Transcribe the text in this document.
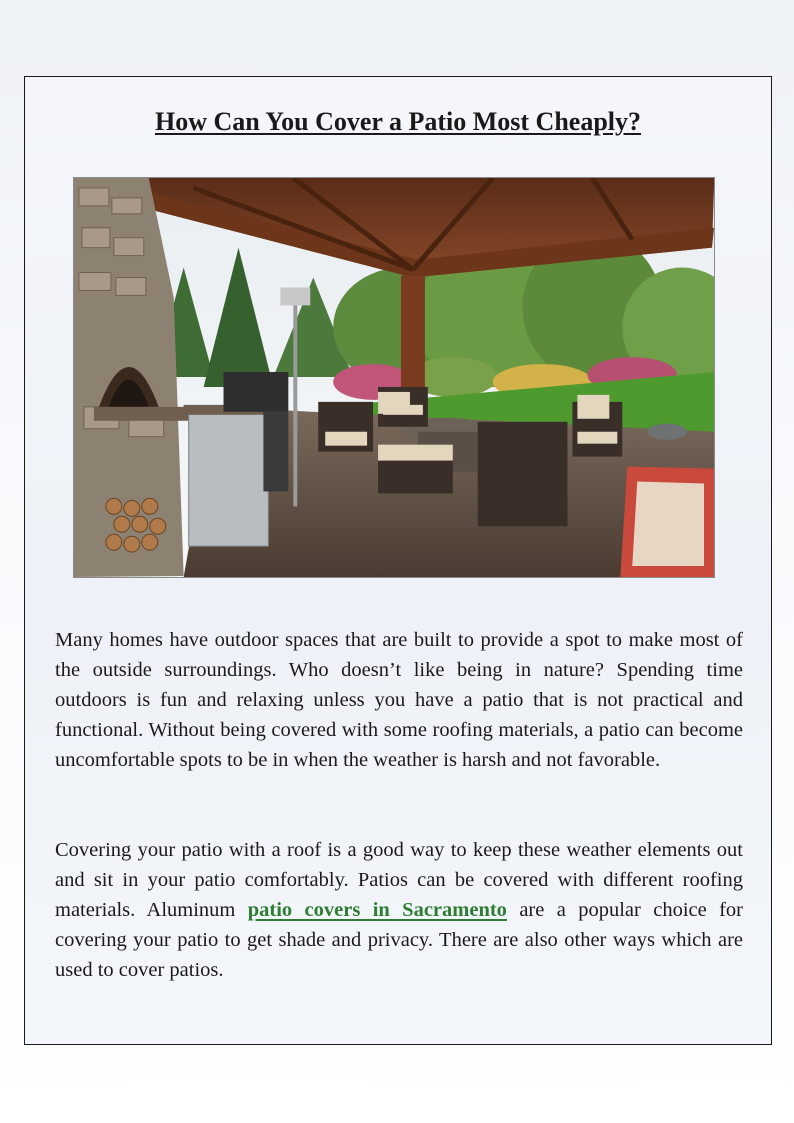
How Can You Cover a Patio Most Cheaply?

Many homes have outdoor spaces that are built to provide a spot to make most of the outside surroundings. Who doesn’t like being in nature? Spending time outdoors is fun and relaxing unless you have a patio that is not practical and functional. Without being covered with some roofing materials, a patio can become uncomfortable spots to be in when the weather is harsh and not favorable.

Covering your patio with a roof is a good way to keep these weather elements out and sit in your patio comfortably. Patios can be covered with different roofing materials. Aluminum patio covers in Sacramento are a popular choice for covering your patio to get shade and privacy. There are also other ways which are used to cover patios.
